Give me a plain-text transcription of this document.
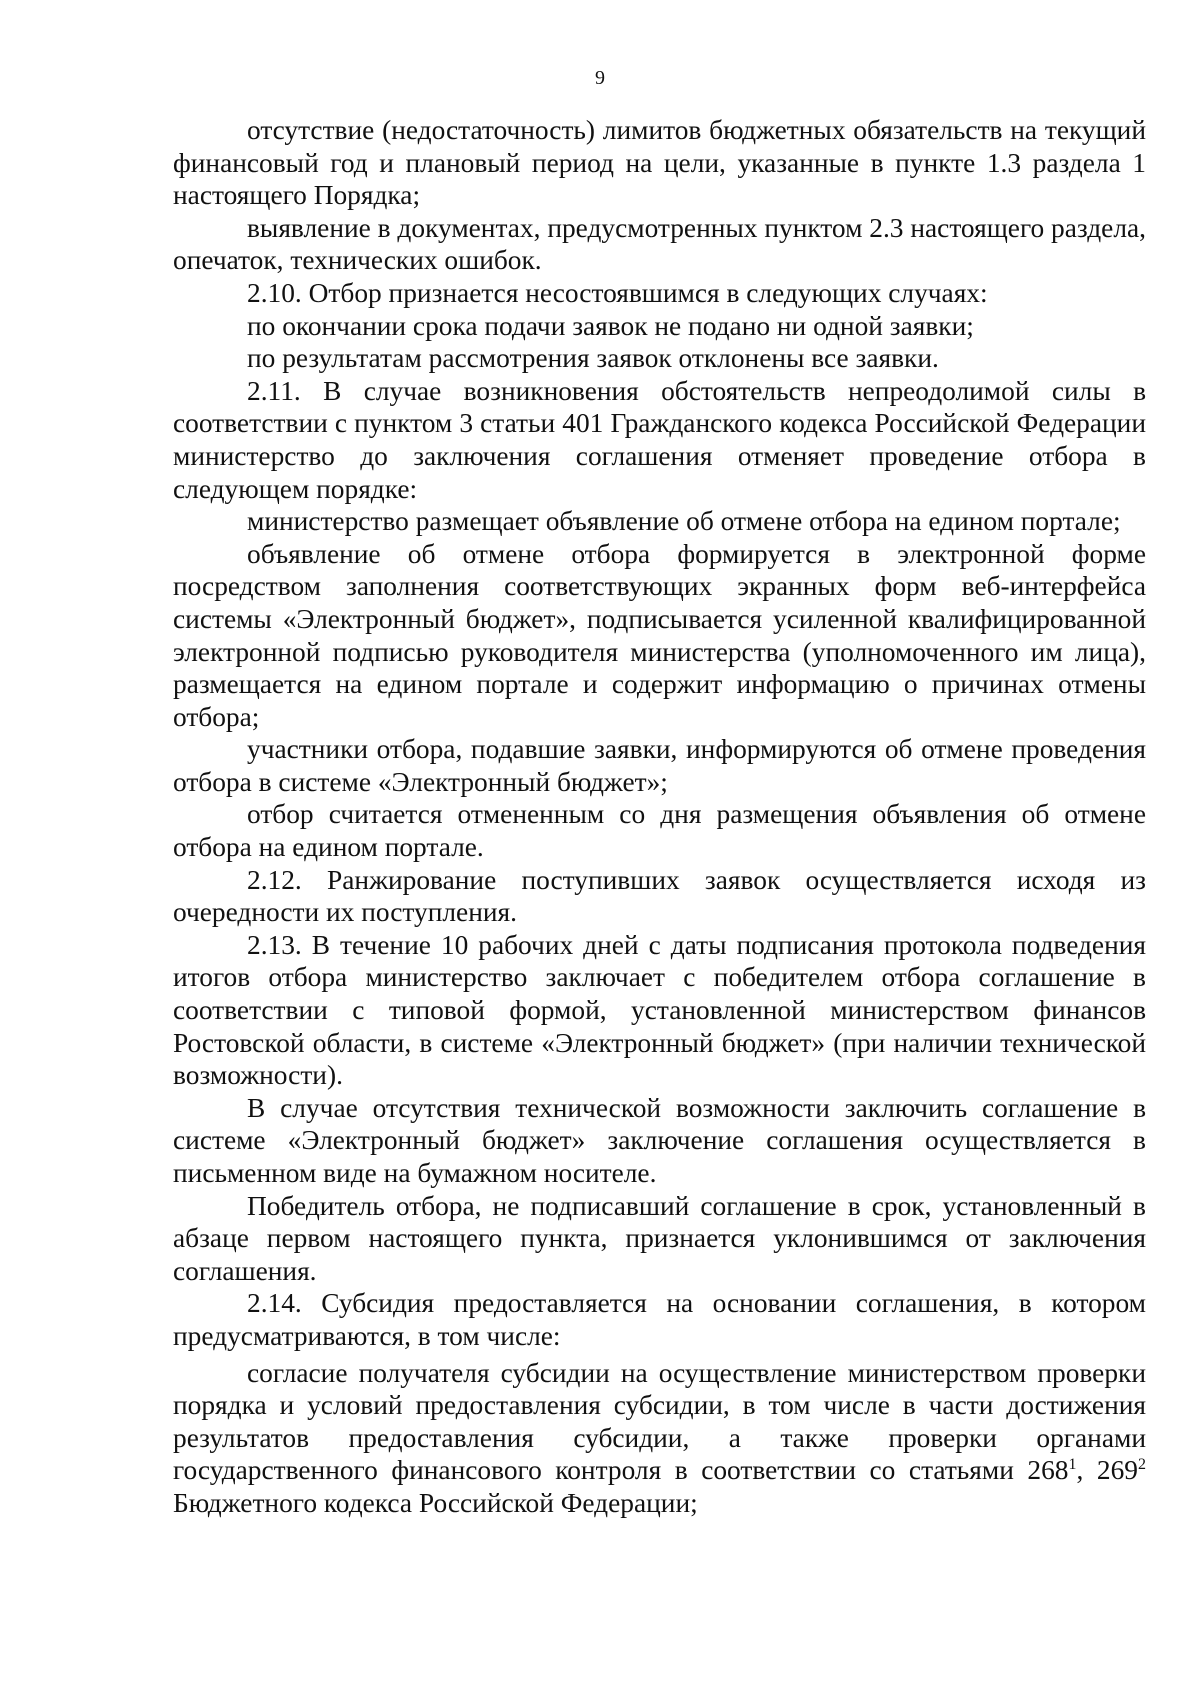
9

отсутствие (недостаточность) лимитов бюджетных обязательств на текущий финансовый год и плановый период на цели, указанные в пункте 1.3 раздела 1 настоящего Порядка;

выявление в документах, предусмотренных пунктом 2.3 настоящего раздела, опечаток, технических ошибок.

2.10. Отбор признается несостоявшимся в следующих случаях:

по окончании срока подачи заявок не подано ни одной заявки;

по результатам рассмотрения заявок отклонены все заявки.

2.11. В случае возникновения обстоятельств непреодолимой силы в соответствии с пунктом 3 статьи 401 Гражданского кодекса Российской Федерации министерство до заключения соглашения отменяет проведение отбора в следующем порядке:

министерство размещает объявление об отмене отбора на едином портале;

объявление об отмене отбора формируется в электронной форме посредством заполнения соответствующих экранных форм веб-интерфейса системы «Электронный бюджет», подписывается усиленной квалифицированной электронной подписью руководителя министерства (уполномоченного им лица), размещается на едином портале и содержит информацию о причинах отмены отбора;

участники отбора, подавшие заявки, информируются об отмене проведения отбора в системе «Электронный бюджет»;

отбор считается отмененным со дня размещения объявления об отмене отбора на едином портале.

2.12. Ранжирование поступивших заявок осуществляется исходя из очередности их поступления.

2.13. В течение 10 рабочих дней с даты подписания протокола подведения итогов отбора министерство заключает с победителем отбора соглашение в соответствии с типовой формой, установленной министерством финансов Ростовской области, в системе «Электронный бюджет» (при наличии технической возможности).

В случае отсутствия технической возможности заключить соглашение в системе «Электронный бюджет» заключение соглашения осуществляется в письменном виде на бумажном носителе.

Победитель отбора, не подписавший соглашение в срок, установленный в абзаце первом настоящего пункта, признается уклонившимся от заключения соглашения.

2.14. Субсидия предоставляется на основании соглашения, в котором предусматриваются, в том числе:

согласие получателя субсидии на осуществление министерством проверки порядка и условий предоставления субсидии, в том числе в части достижения результатов предоставления субсидии, а также проверки органами государственного финансового контроля в соответствии со статьями $268^1$, $269^2$ Бюджетного кодекса Российской Федерации;
